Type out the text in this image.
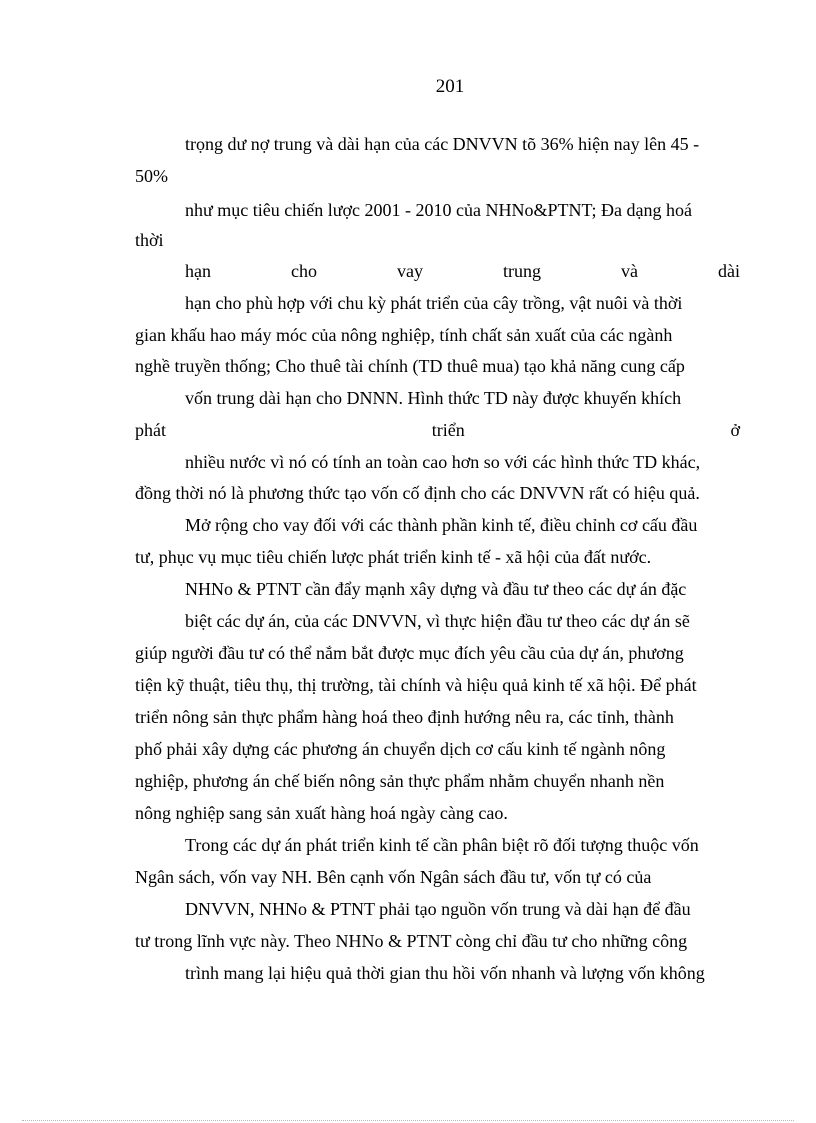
201
trọng dư nợ trung và dài hạn của các DNVVN tõ 36% hiện nay lên 45 -
50%
như mục tiêu chiến lược 2001 - 2010 của NHNo&PTNT; Đa dạng hoá
thời
hạn	cho	vay	trung	và	dài
hạn cho phù hợp với chu kỳ phát triển của cây trồng, vật nuôi và thời
gian khấu hao máy móc của nông nghiệp, tính chất sản xuất của các ngành
nghề truyền thống; Cho thuê tài chính (TD thuê mua) tạo khả năng cung cấp
vốn trung dài hạn cho DNNN. Hình thức TD này được khuyến khích
phát	triển	ở
nhiều nước vì nó có tính an toàn cao hơn so với các hình thức TD khác,
đồng thời nó là phương thức tạo vốn cố định cho các DNVVN rất có hiệu quả.
Mở rộng cho vay đối với các thành phần kinh tế, điều chỉnh cơ cấu đầu
tư, phục vụ mục tiêu chiến lược phát triển kinh tế - xã hội của đất nước.
NHNo & PTNT cần đẩy mạnh xây dựng và đầu tư theo các dự án đặc
biệt các dự án, của các DNVVN, vì thực hiện đầu tư theo các dự án sẽ
giúp người đầu tư có thể nắm bắt được mục đích yêu cầu của dự án, phương
tiện kỹ thuật, tiêu thụ, thị trường, tài chính và hiệu quả kinh tế xã hội. Để phát
triển nông sản thực phẩm hàng hoá theo định hướng nêu ra, các tỉnh, thành
phố phải xây dựng các phương án chuyển dịch cơ cấu kinh tế ngành nông
nghiệp, phương án chế biến nông sản thực phẩm nhằm chuyển nhanh nền
nông nghiệp sang sản xuất hàng hoá ngày càng cao.
Trong các dự án phát triển kinh tế cần phân biệt rõ đối tượng thuộc vốn
Ngân sách, vốn vay NH. Bên cạnh vốn Ngân sách đầu tư, vốn tự có của
DNVVN, NHNo & PTNT phải tạo nguồn vốn trung và dài hạn để đầu
tư trong lĩnh vực này. Theo NHNo & PTNT còng chỉ đầu tư cho những công
trình mang lại hiệu quả thời gian thu hồi vốn nhanh và lượng vốn không
